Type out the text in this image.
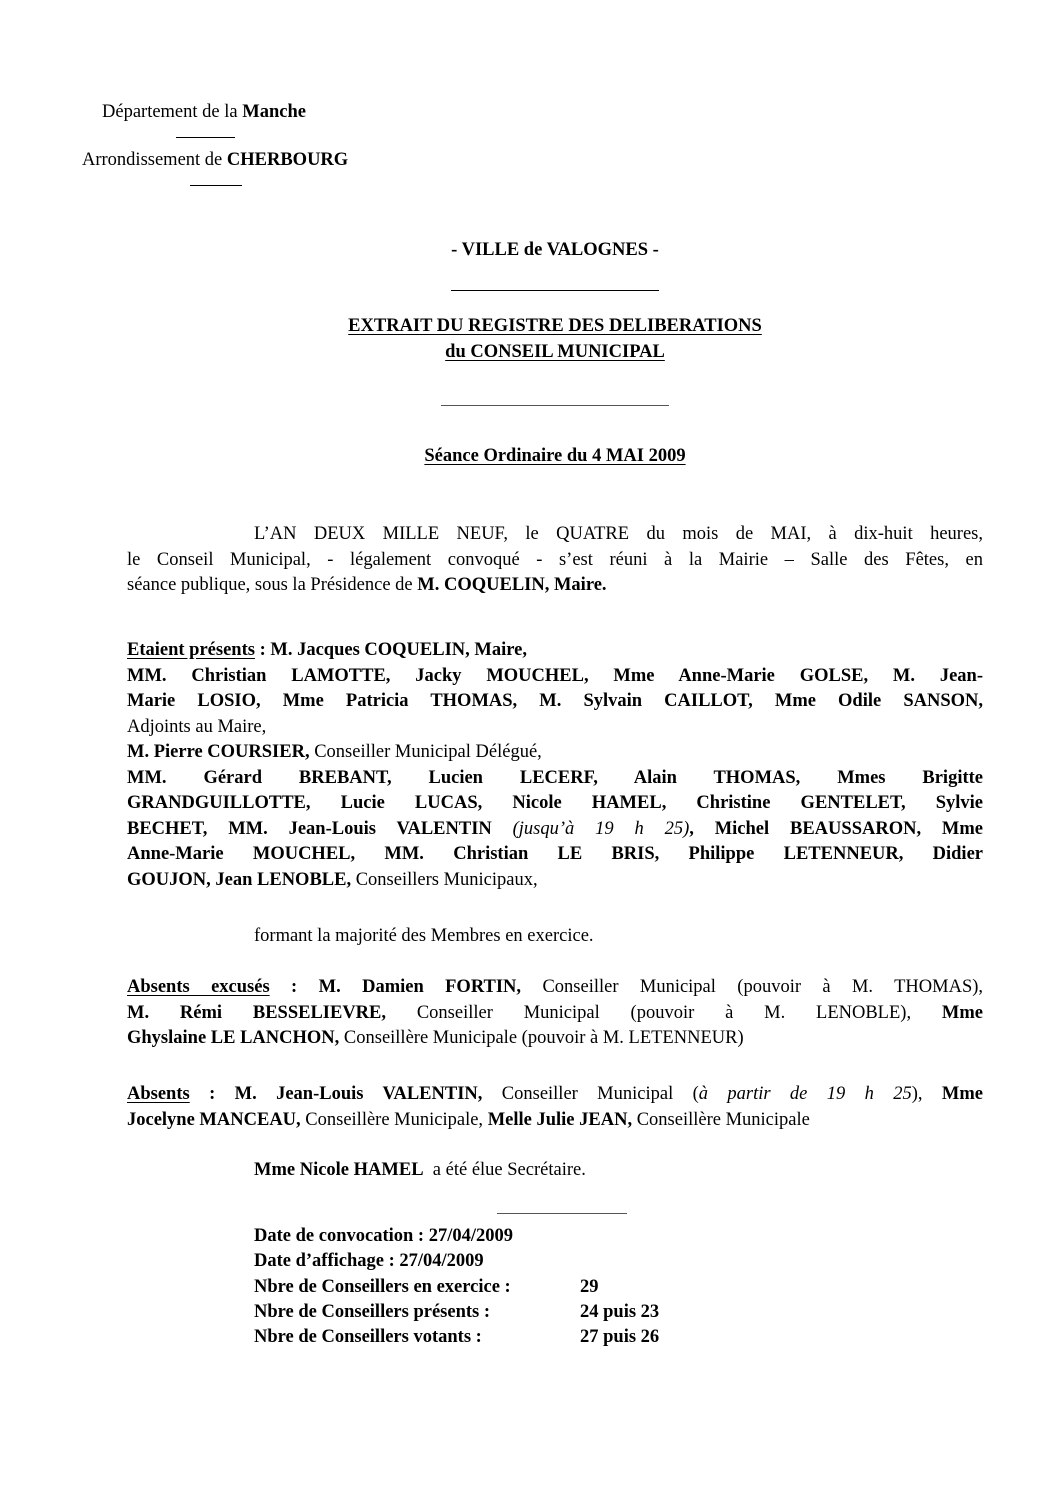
Département de la Manche
Arrondissement de CHERBOURG
- VILLE de VALOGNES -
EXTRAIT DU REGISTRE DES DELIBERATIONS
du CONSEIL MUNICIPAL
Séance Ordinaire du 4 MAI 2009
L’AN DEUX MILLE NEUF, le QUATRE du mois de MAI, à dix-huit heures,
le Conseil Municipal, - légalement convoqué - s’est réuni à la Mairie – Salle des Fêtes, en
séance publique, sous la Présidence de M. COQUELIN, Maire.
Etaient présents : M. Jacques COQUELIN, Maire,
MM. Christian LAMOTTE, Jacky MOUCHEL, Mme Anne-Marie GOLSE, M. Jean-
Marie LOSIO, Mme Patricia THOMAS, M. Sylvain CAILLOT, Mme Odile SANSON,
Adjoints au Maire,
M. Pierre COURSIER, Conseiller Municipal Délégué,
MM. Gérard BREBANT, Lucien LECERF, Alain THOMAS, Mmes Brigitte
GRANDGUILLOTTE, Lucie LUCAS, Nicole HAMEL, Christine GENTELET, Sylvie
BECHET, MM. Jean-Louis VALENTIN (jusqu’à 19 h 25), Michel BEAUSSARON, Mme
Anne-Marie MOUCHEL, MM. Christian LE BRIS, Philippe LETENNEUR, Didier
GOUJON, Jean LENOBLE, Conseillers Municipaux,
formant la majorité des Membres en exercice.
Absents excusés : M. Damien FORTIN, Conseiller Municipal (pouvoir à M. THOMAS),
M. Rémi BESSELIEVRE, Conseiller Municipal (pouvoir à M. LENOBLE), Mme
Ghyslaine LE LANCHON, Conseillère Municipale (pouvoir à M. LETENNEUR)
Absents : M. Jean-Louis VALENTIN, Conseiller Municipal (à partir de 19 h 25), Mme
Jocelyne MANCEAU, Conseillère Municipale, Melle Julie JEAN, Conseillère Municipale
Mme Nicole HAMEL  a été élue Secrétaire.
Date de convocation : 27/04/2009
Date d’affichage : 27/04/2009
Nbre de Conseillers en exercice :	29
Nbre de Conseillers présents :	24 puis 23
Nbre de Conseillers votants :	27 puis 26
